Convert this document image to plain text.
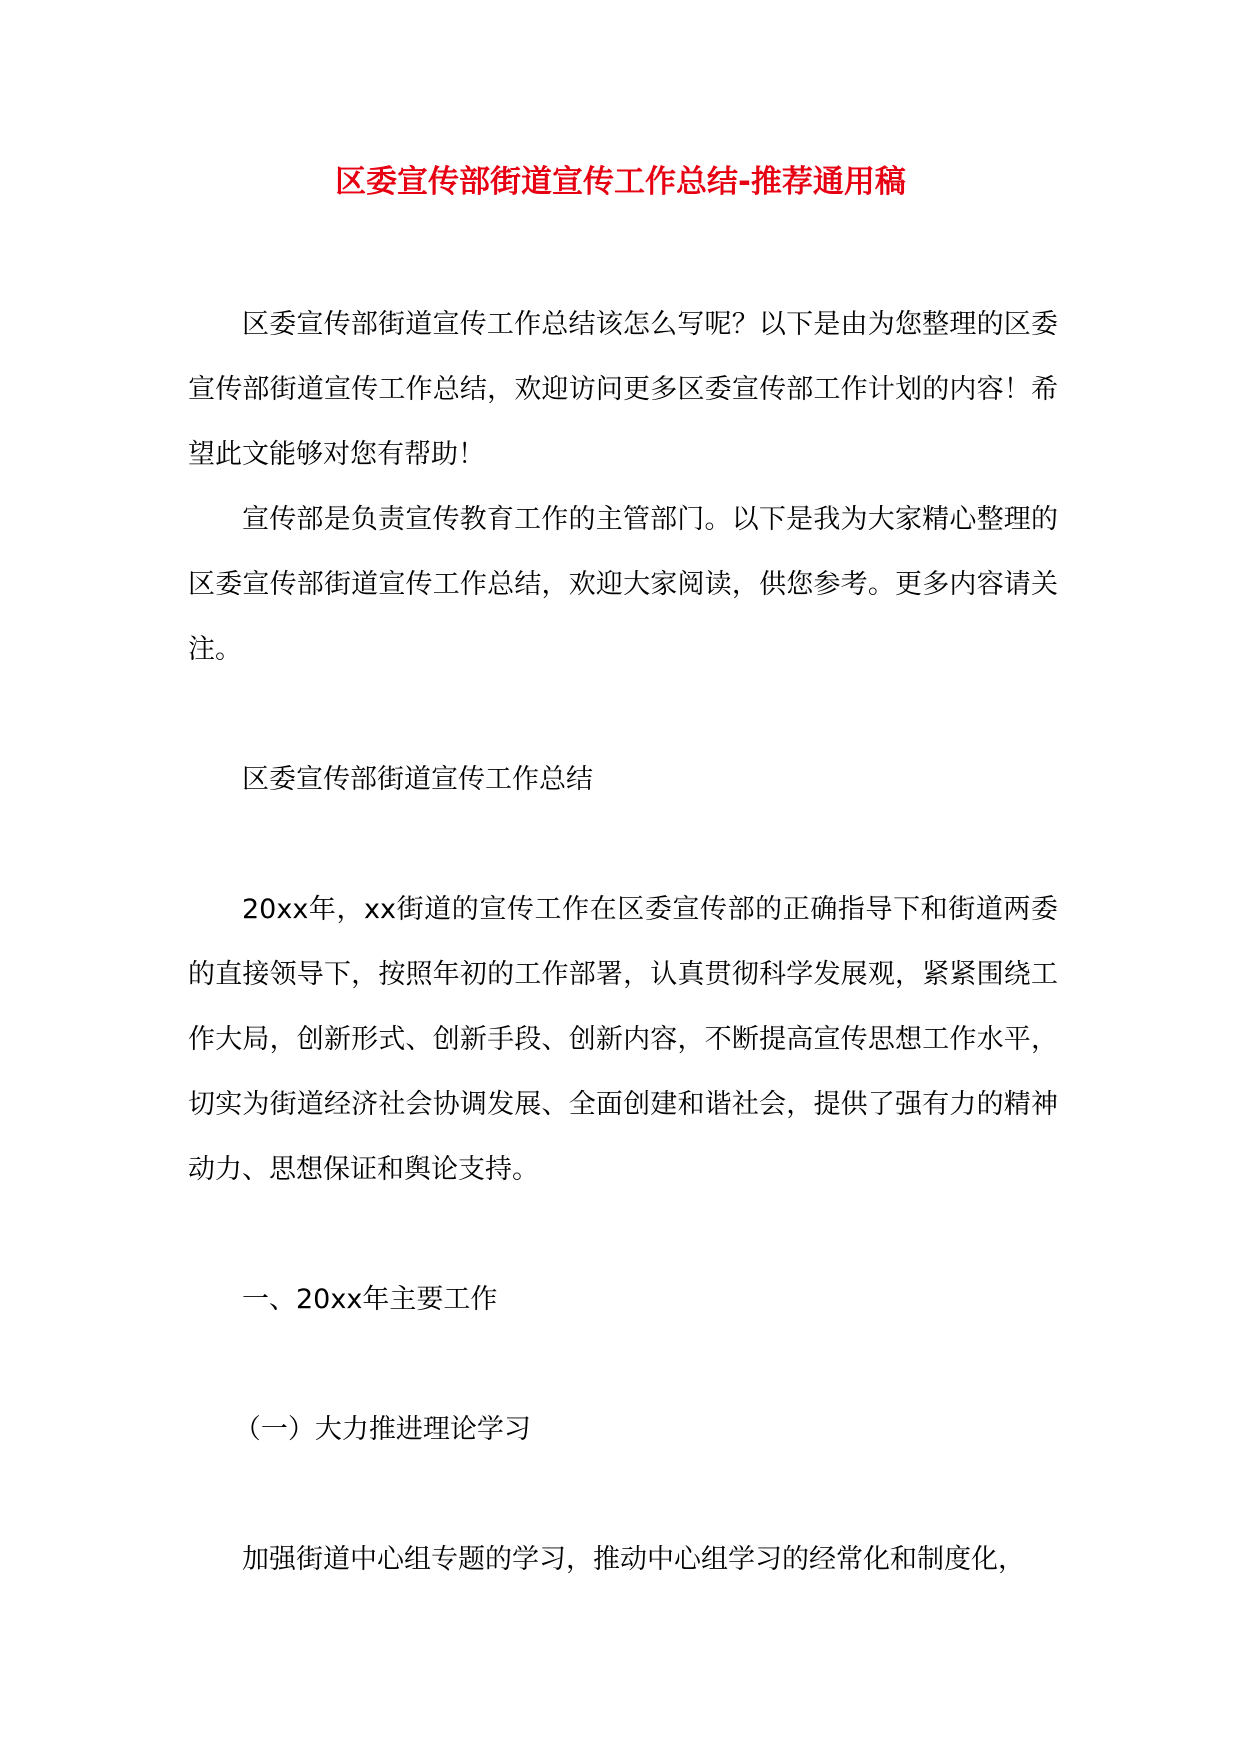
区委宣传部街道宣传工作总结-推荐通用稿

区委宣传部街道宣传工作总结该怎么写呢？以下是由为您整理的区委宣传部街道宣传工作总结，欢迎访问更多区委宣传部工作计划的内容！希望此文能够对您有帮助！

宣传部是负责宣传教育工作的主管部门。以下是我为大家精心整理的区委宣传部街道宣传工作总结，欢迎大家阅读，供您参考。更多内容请关注。

区委宣传部街道宣传工作总结

20xx年，xx街道的宣传工作在区委宣传部的正确指导下和街道两委的直接领导下，按照年初的工作部署，认真贯彻科学发展观，紧紧围绕工作大局，创新形式、创新手段、创新内容，不断提高宣传思想工作水平，切实为街道经济社会协调发展、全面创建和谐社会，提供了强有力的精神动力、思想保证和舆论支持。

一、20xx年主要工作

（一）大力推进理论学习

加强街道中心组专题的学习，推动中心组学习的经常化和制度化，
